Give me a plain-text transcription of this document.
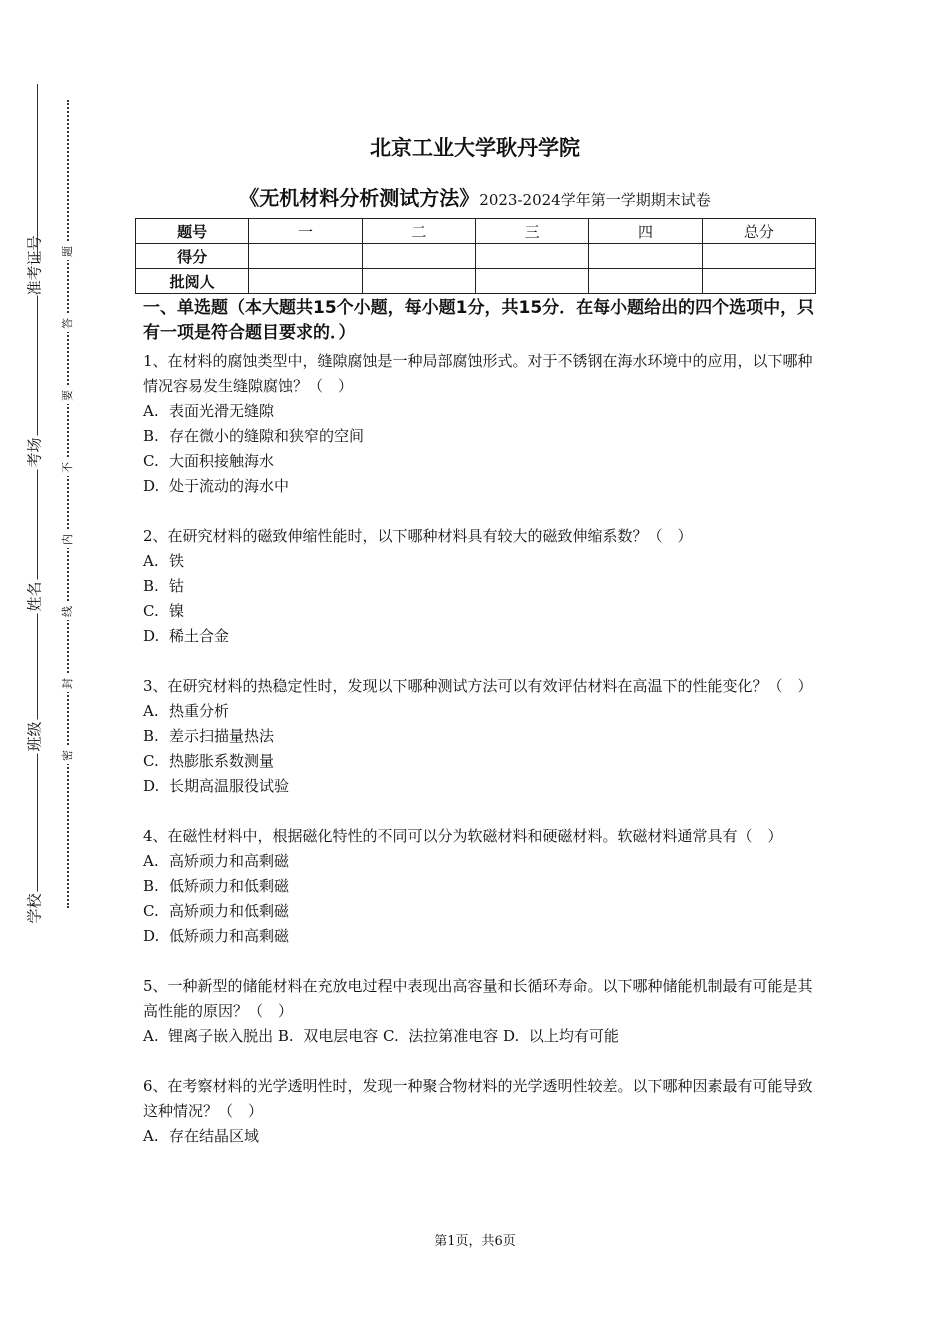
准考证号
考场
姓名
班级
学校
题
答
要
不
内
线
封
密
北京工业大学耿丹学院
《无机材料分析测试方法》2023-2024学年第一学期期末试卷
题号	一	二	三	四	总分
得分					
批阅人					

一、单选题（本大题共15个小题，每小题1分，共15分．在每小题给出的四个选项中，只有一项是符合题目要求的．）

1、在材料的腐蚀类型中，缝隙腐蚀是一种局部腐蚀形式。对于不锈钢在海水环境中的应用，以下哪种情况容易发生缝隙腐蚀？（　）

A. 表面光滑无缝隙

B. 存在微小的缝隙和狭窄的空间

C. 大面积接触海水

D. 处于流动的海水中

2、在研究材料的磁致伸缩性能时，以下哪种材料具有较大的磁致伸缩系数？（　）

A. 铁

B. 钴

C. 镍

D. 稀土合金

3、在研究材料的热稳定性时，发现以下哪种测试方法可以有效评估材料在高温下的性能变化？（　）

A. 热重分析

B. 差示扫描量热法

C. 热膨胀系数测量

D. 长期高温服役试验

4、在磁性材料中，根据磁化特性的不同可以分为软磁材料和硬磁材料。软磁材料通常具有（　）

A. 高矫顽力和高剩磁

B. 低矫顽力和低剩磁

C. 高矫顽力和低剩磁

D. 低矫顽力和高剩磁

5、一种新型的储能材料在充放电过程中表现出高容量和长循环寿命。以下哪种储能机制最有可能是其高性能的原因？（　）

A.  锂离子嵌入脱出 B.  双电层电容 C.  法拉第准电容 D.  以上均有可能

6、在考察材料的光学透明性时，发现一种聚合物材料的光学透明性较差。以下哪种因素最有可能导致这种情况？（　）

A. 存在结晶区域

第1页，共6页
